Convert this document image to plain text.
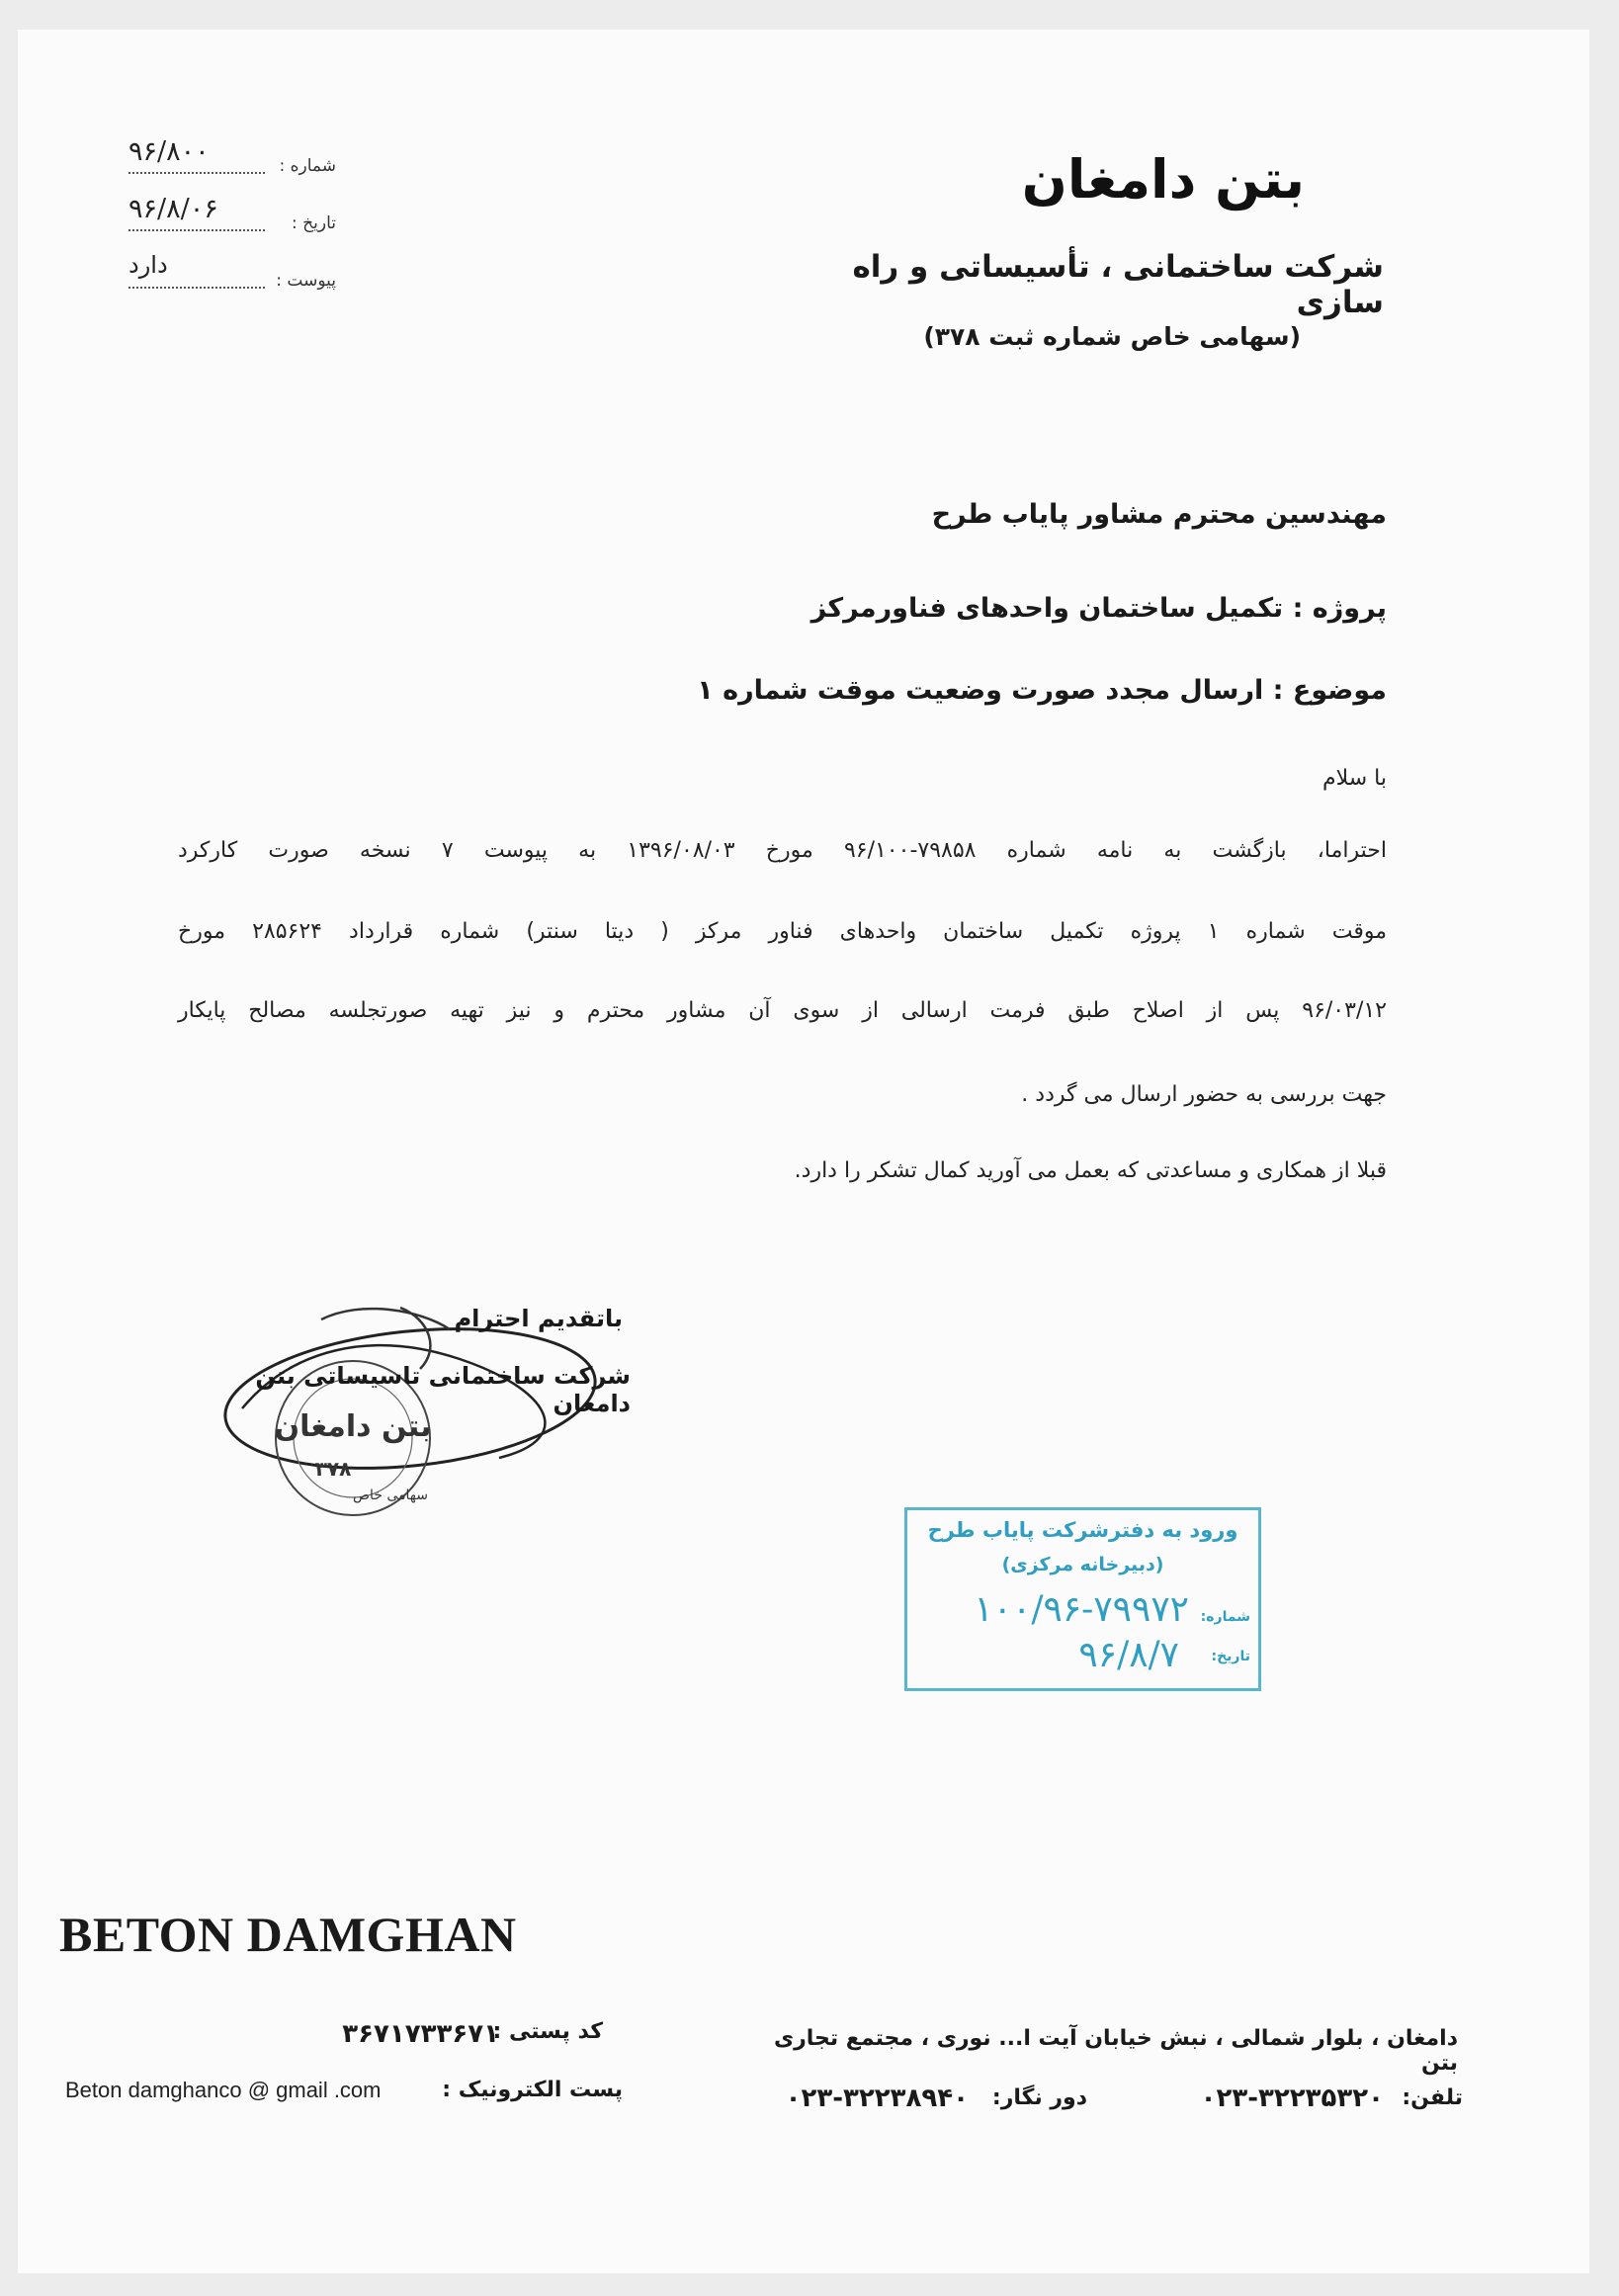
شماره :
۹۶/۸۰۰
تاریخ :
۹۶/۸/۰۶
پیوست :
دارد
بتن دامغان
شرکت ساختمانی ، تأسیساتی و راه سازی
(سهامی خاص شماره ثبت ۳۷۸)
مهندسین محترم مشاور پایاب طرح
پروژه : تکمیل ساختمان واحدهای فناورمرکز
موضوع : ارسال مجدد صورت وضعیت موقت شماره ۱
با سلام
احتراما، بازگشت به نامه شماره ۷۹۸۵۸-۹۶/۱۰۰ مورخ ۱۳۹۶/۰۸/۰۳ به پیوست ۷ نسخه صورت کارکرد
موقت شماره ۱ پروژه تکمیل ساختمان واحدهای فناور مرکز ( دیتا سنتر) شماره قرارداد ۲۸۵۶۲۴ مورخ
۹۶/۰۳/۱۲ پس از اصلاح طبق فرمت ارسالی از سوی آن مشاور محترم و نیز تهیه صورتجلسه مصالح پایکار
جهت بررسی به حضور ارسال می گردد .
قبلا از همکاری و مساعدتی که بعمل می آورید کمال تشکر را دارد.
بتن دامغان
۳۷۸
سهامی خاص
باتقدیم احترام
شرکت ساختمانی تاسیساتی بتن دامغان
ورود به دفترشرکت پایاب طرح
(دبیرخانه مرکزی)
شماره:
۱۰۰/۹۶-۷۹۹۷۲
تاریخ:
۹۶/۸/۷
BETON DAMGHAN
کد پستی :
۳۶۷۱۷۳۳۶۷۱
پست الکترونیک :
Beton damghanco @ gmail .com
دامغان ، بلوار شمالی ، نبش خیابان آیت ا... نوری ، مجتمع تجاری بتن
تلفن:
۰۲۳-۳۲۲۳۵۳۲۰
دور نگار:
۰۲۳-۳۲۲۳۸۹۴۰
